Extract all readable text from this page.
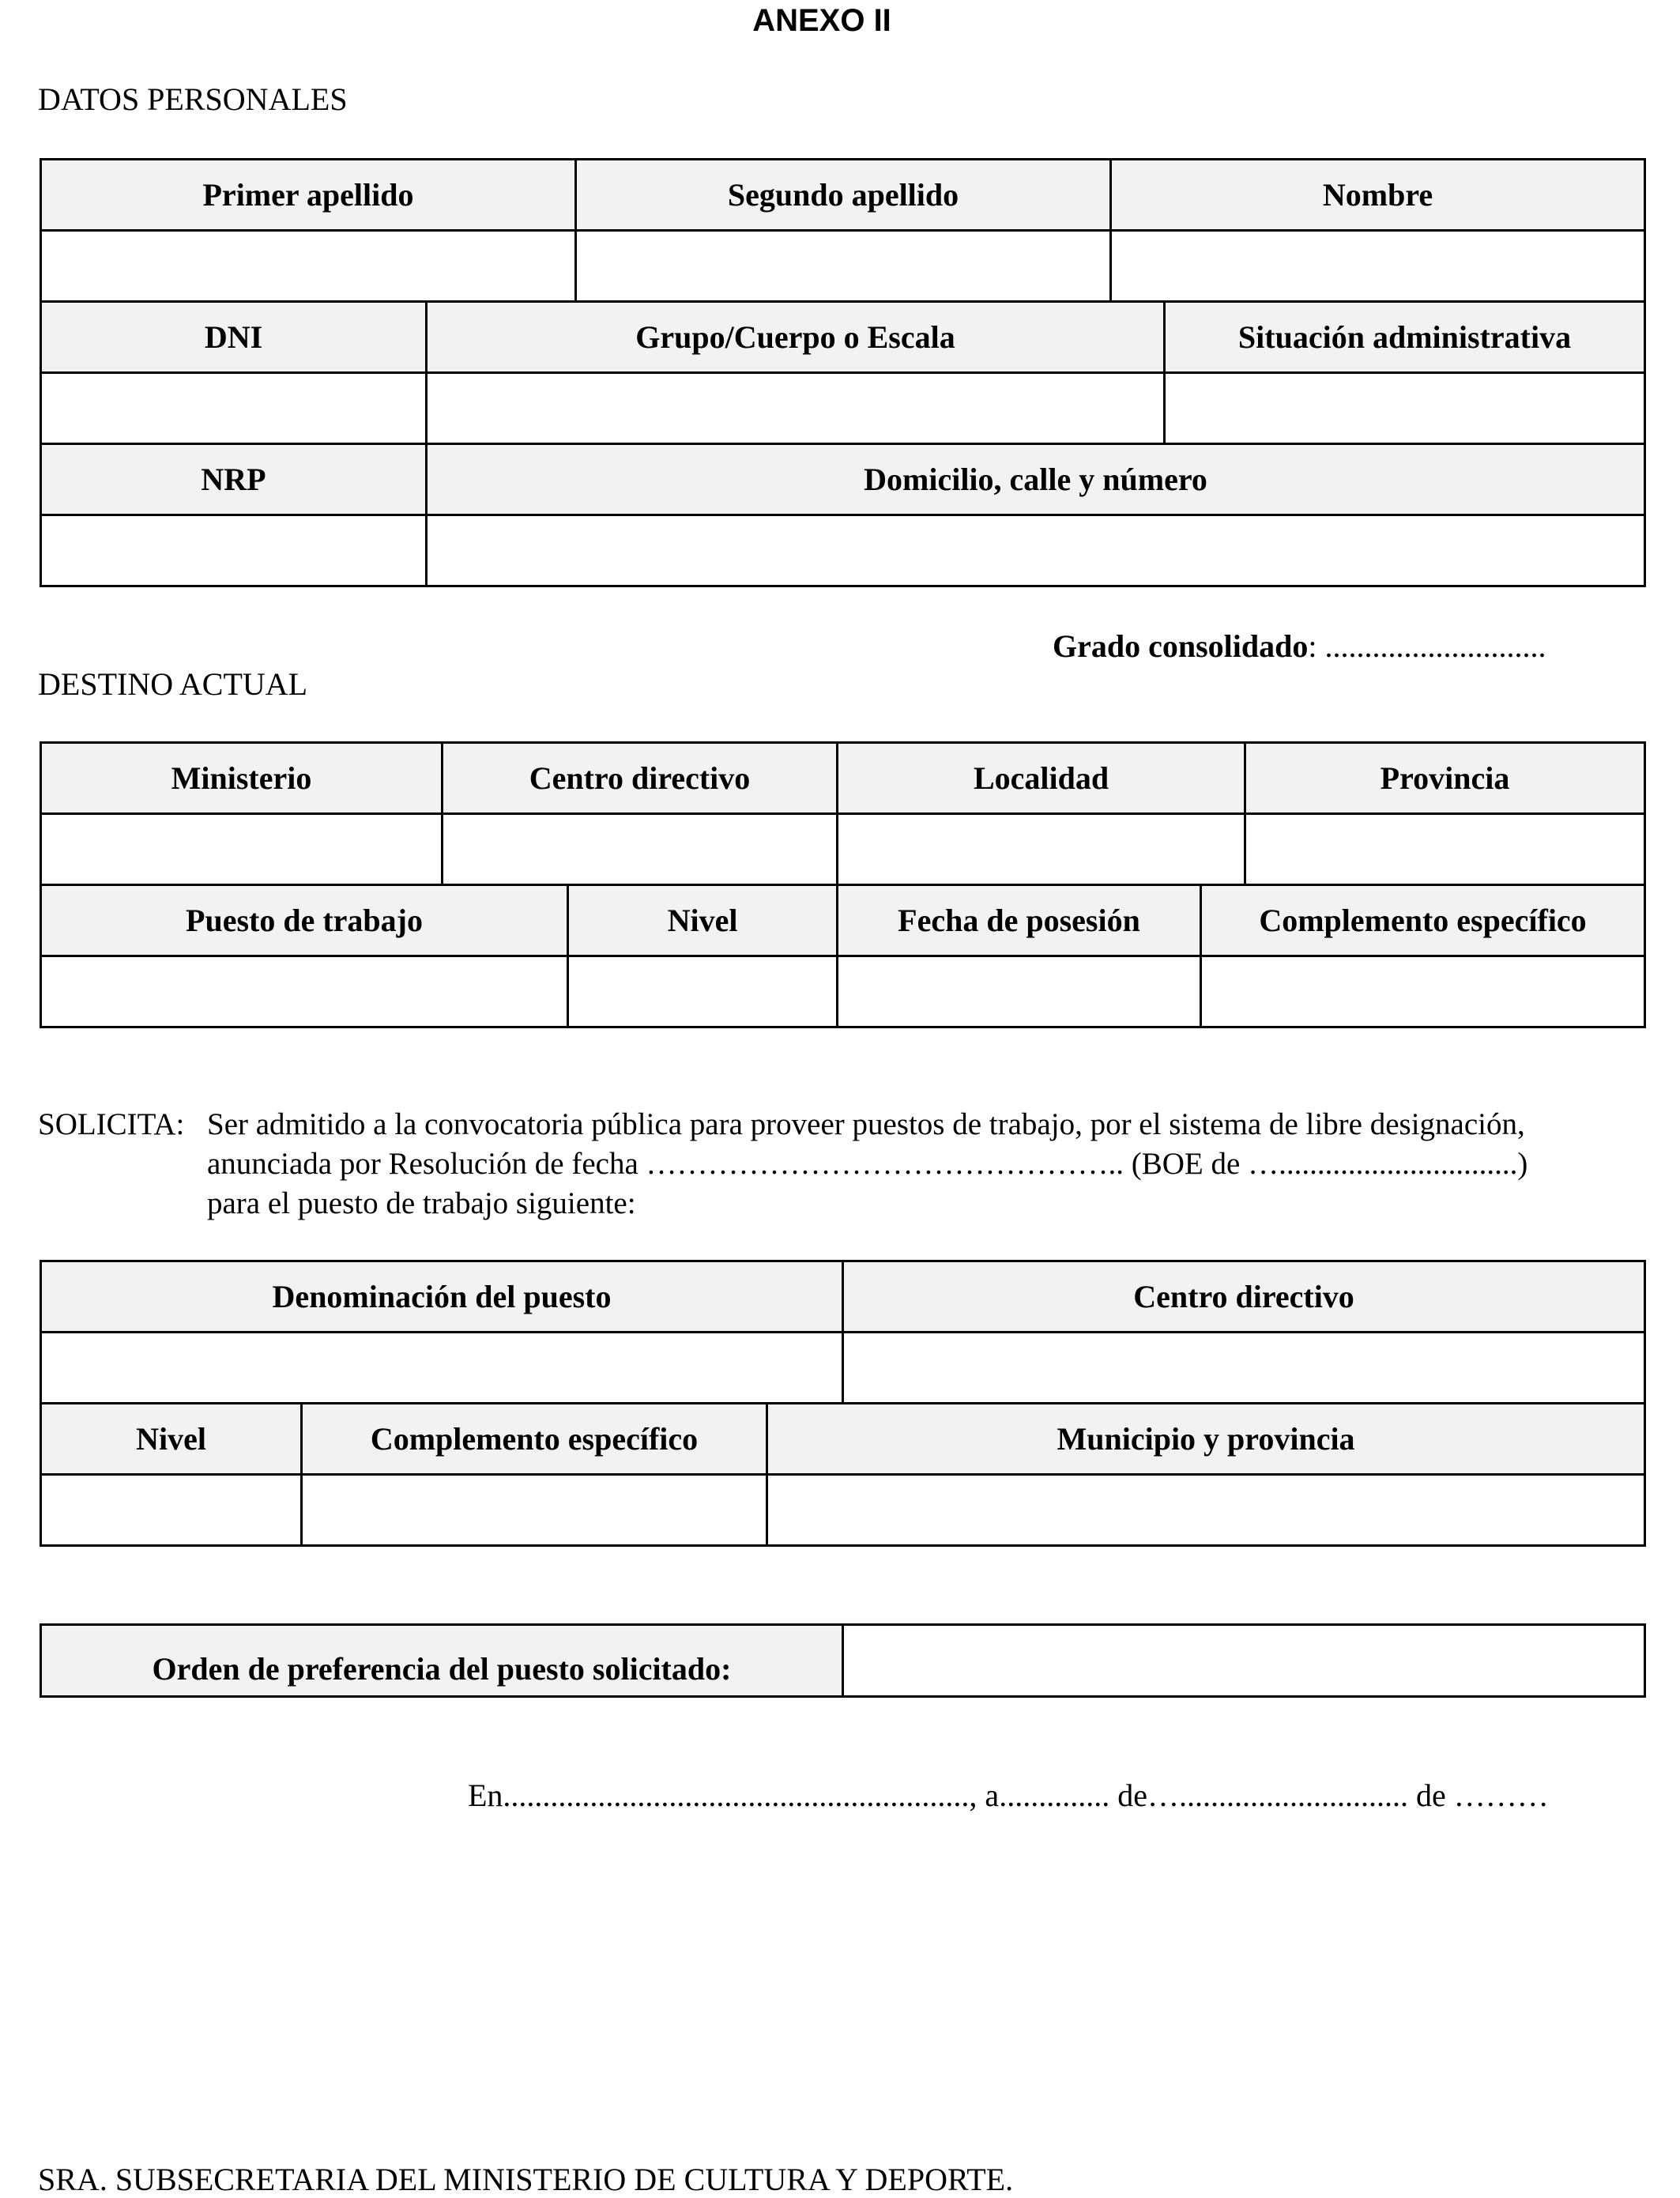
ANEXO II
DATOS PERSONALES
Primer apellido		Segundo apellido	Nombre	

DNI	Grupo/Cuerpo o Escala			Situación administrativa

NRP	Domicilio, calle y número			

Grado consolidado: ............................
DESTINO ACTUAL
Ministerio	Centro directivo		Localidad		Provincia

Puesto de trabajo		Nivel	Fecha de posesión	Complemento específico	

SOLICITA: Ser admitido a la convocatoria pública para proveer puestos de trabajo, por el sistema de libre designación,
anunciada por Resolución de fecha ……………………………………….. (BOE de …...............................)
para el puesto de trabajo siguiente:
Denominación del puesto			Centro directivo

Nivel	Complemento específico	Municipio y provincia	

Orden de preferencia del puesto solicitado:	
En..........................................................., a.............. de…............................. de ………
SRA. SUBSECRETARIA DEL MINISTERIO DE CULTURA Y DEPORTE.
